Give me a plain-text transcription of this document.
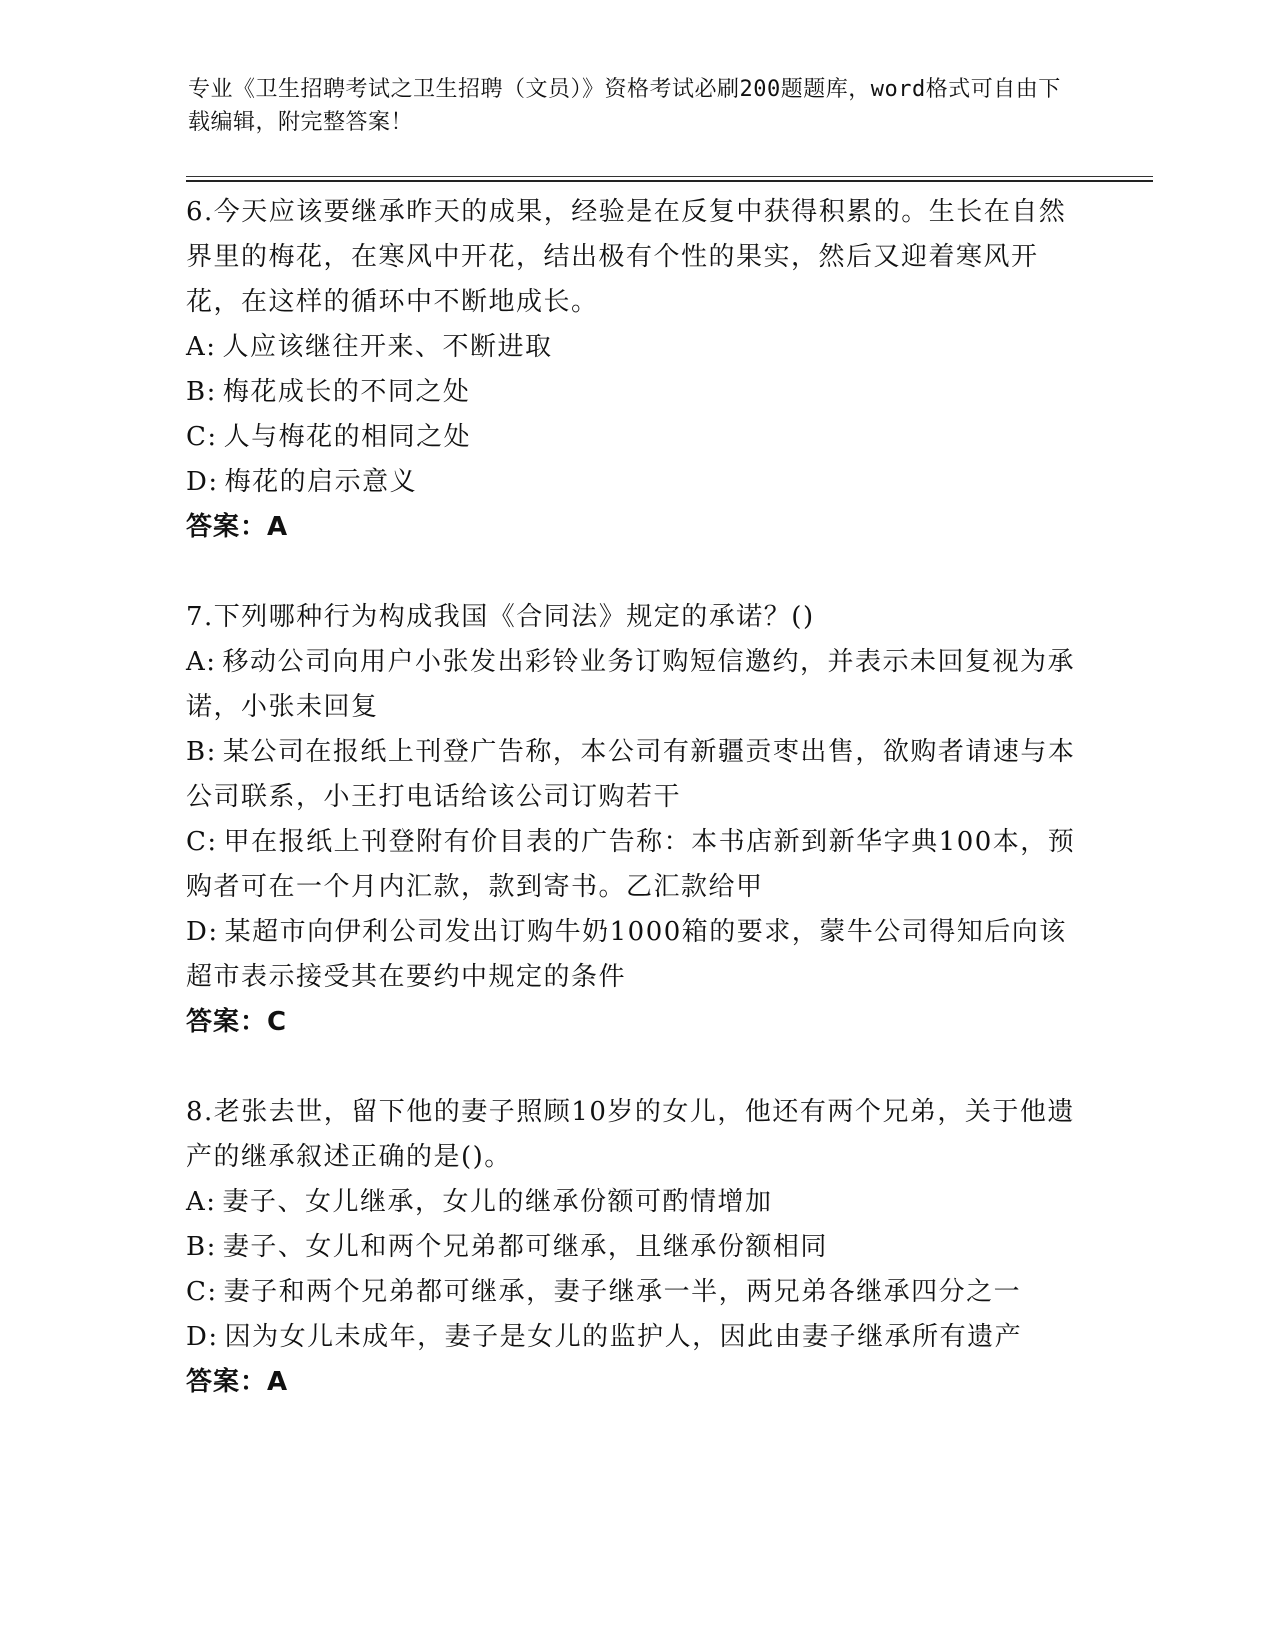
专业《卫生招聘考试之卫生招聘（文员）》资格考试必刷200题题库，word格式可自由下载编辑，附完整答案！
6.今天应该要继承昨天的成果，经验是在反复中获得积累的。生长在自然界里的梅花，在寒风中开花，结出极有个性的果实，然后又迎着寒风开花，在这样的循环中不断地成长。
A: 人应该继往开来、不断进取
B: 梅花成长的不同之处
C: 人与梅花的相同之处
D: 梅花的启示意义
答案：A
7.下列哪种行为构成我国《合同法》规定的承诺？()
A: 移动公司向用户小张发出彩铃业务订购短信邀约，并表示未回复视为承诺，小张未回复
B: 某公司在报纸上刊登广告称，本公司有新疆贡枣出售，欲购者请速与本公司联系，小王打电话给该公司订购若干
C: 甲在报纸上刊登附有价目表的广告称：本书店新到新华字典100本，预购者可在一个月内汇款，款到寄书。乙汇款给甲
D: 某超市向伊利公司发出订购牛奶1000箱的要求，蒙牛公司得知后向该超市表示接受其在要约中规定的条件
答案：C
8.老张去世，留下他的妻子照顾10岁的女儿，他还有两个兄弟，关于他遗产的继承叙述正确的是()。
A: 妻子、女儿继承，女儿的继承份额可酌情增加
B: 妻子、女儿和两个兄弟都可继承，且继承份额相同
C: 妻子和两个兄弟都可继承，妻子继承一半，两兄弟各继承四分之一
D: 因为女儿未成年，妻子是女儿的监护人，因此由妻子继承所有遗产
答案：A
